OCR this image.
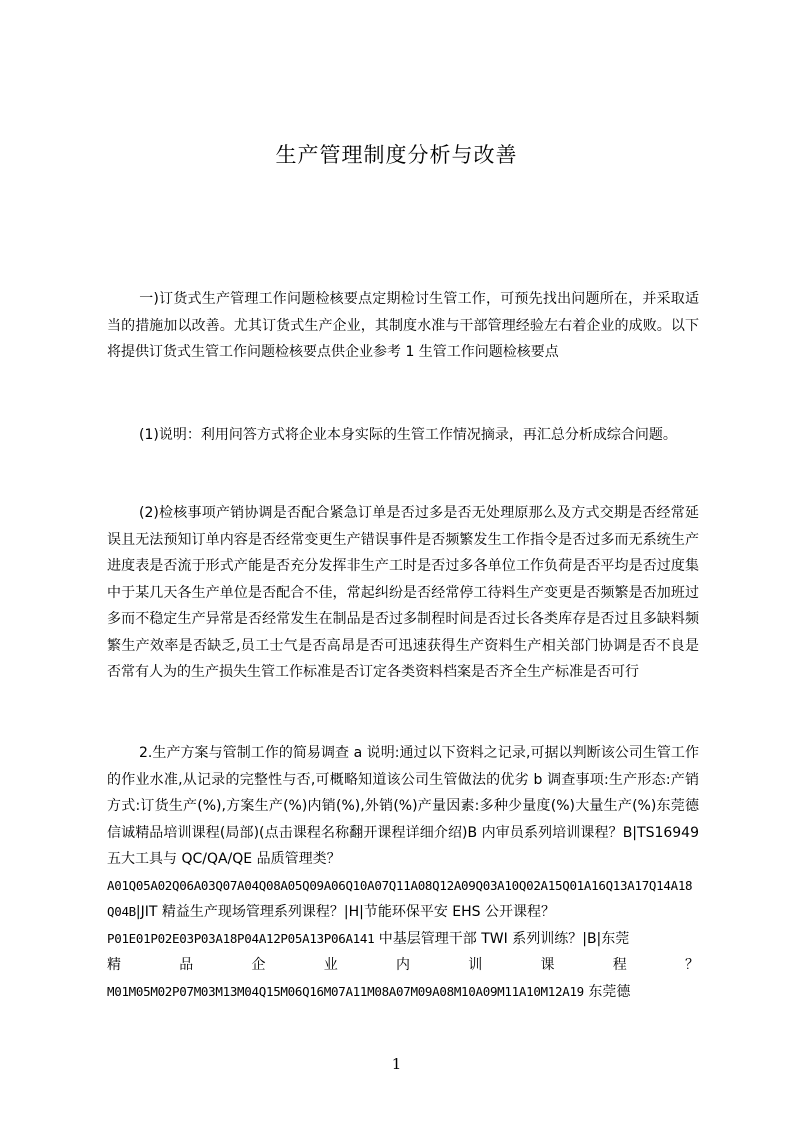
生产管理制度分析与改善

一)订货式生产管理工作问题检核要点定期检讨生管工作，可预先找出问题所在，并采取适当的措施加以改善。尤其订货式生产企业，其制度水准与干部管理经验左右着企业的成败。以下将提供订货式生管工作问题检核要点供企业参考 1 生管工作问题检核要点

(1)说明：利用问答方式将企业本身实际的生管工作情况摘录，再汇总分析成综合问题。

(2)检核事项产销协调是否配合紧急订单是否过多是否无处理原那么及方式交期是否经常延误且无法预知订单内容是否经常变更生产错误事件是否频繁发生工作指令是否过多而无系统生产进度表是否流于形式产能是否充分发挥非生产工时是否过多各单位工作负荷是否平均是否过度集中于某几天各生产单位是否配合不佳，常起纠纷是否经常停工待料生产变更是否频繁是否加班过多而不稳定生产异常是否经常发生在制品是否过多制程时间是否过长各类库存是否过且多缺料频繁生产效率是否缺乏,员工士气是否高昂是否可迅速获得生产资料生产相关部门协调是否不良是否常有人为的生产损失生管工作标准是否订定各类资料档案是否齐全生产标准是否可行

2.生产方案与管制工作的简易调查 a 说明:通过以下资料之记录,可据以判断该公司生管工作的作业水准,从记录的完整性与否,可概略知道该公司生管做法的优劣 b 调查事项:生产形态:产销方式:订货生产(%),方案生产(%)内销(%),外销(%)产量因素:多种少量度(%)大量生产(%)东莞德信诚精品培训课程(局部)(点击课程名称翻开课程详细介绍)B 内审员系列培训课程？B|TS16949 五大工具与 QC/QA/QE 品质管理类？
A01Q05A02Q06A03Q07A04Q08A05Q09A06Q10A07Q11A08Q12A09Q03A10Q02A15Q01A16Q13A17Q14A18Q04B|JIT 精益生产现场管理系列课程？|H|节能环保平安 EHS 公开课程？
P01E01P02E03P03A18P04A12P05A13P06A141 中基层管理干部 TWI 系列训练？|B|东莞
精	品	企	业	内	训	课	程	？
M01M05M02P07M03M13M04Q15M06Q16M07A11M08A07M09A08M10A09M11A10M12A19 东莞德
1
